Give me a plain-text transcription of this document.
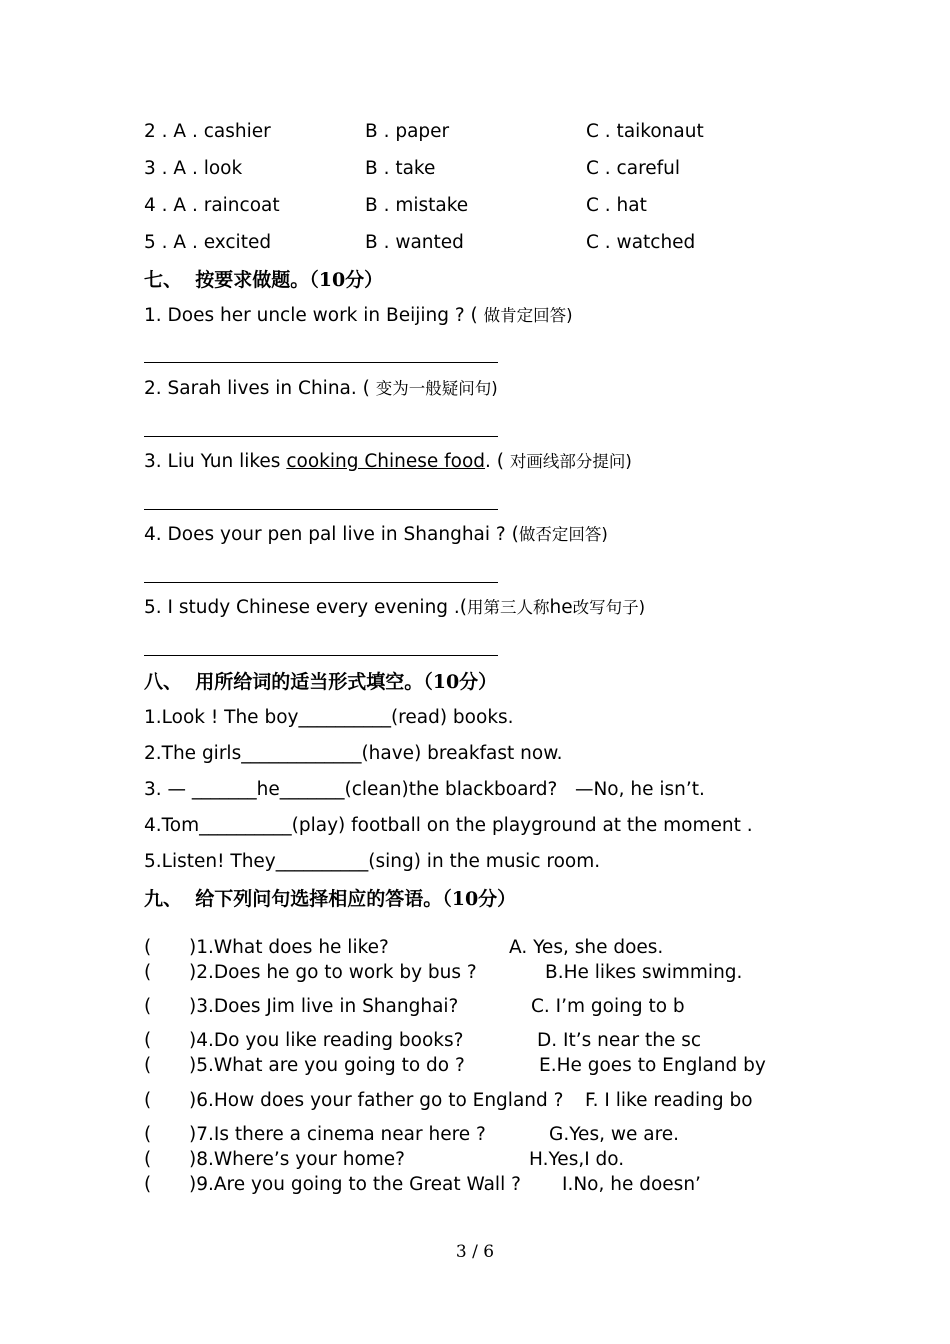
2 . A . cashier	B . paper	C . taikonaut
3 . A . look	B . take	C . careful
4 . A . raincoat	B . mistake	C . hat
5 . A . excited	B . wanted	C . watched
七、  按要求做题。（10分）
1. Does her uncle work in Beijing ? ( 做肯定回答)
2. Sarah lives in China. ( 变为一般疑问句)
3. Liu Yun likes cooking Chinese food. ( 对画线部分提问)
4. Does your pen pal live in Shanghai ? (做否定回答)
5. I study Chinese every evening .(用第三人称he改写句子)
八、  用所给词的适当形式填空。（10分）
1.Look ! The boy__________(read) books.
2.The girls_____________(have) breakfast now.
3. — _______he_______(clean)the blackboard?   —No, he isn’t.
4.Tom__________(play) football on the playground at the moment .
5.Listen! They__________(sing) in the music room.
九、  给下列问句选择相应的答语。（10分）
( )1.What does he like?	A. Yes, she does.
( )2.Does he go to work by bus ?	B.He likes swimming.
( )3.Does Jim live in Shanghai?	C. I’m going to b
( )4.Do you like reading books?	D. It’s near the sc
( )5.What are you going to do ?	E.He goes to England by
( )6.How does your father go to England ? F. I like reading bo
( )7.Is there a cinema near here ?	G.Yes, we are.
( )8.Where’s your home?	H.Yes,I do.
( )9.Are you going to the Great Wall ? I.No, he doesn’
3 / 6
